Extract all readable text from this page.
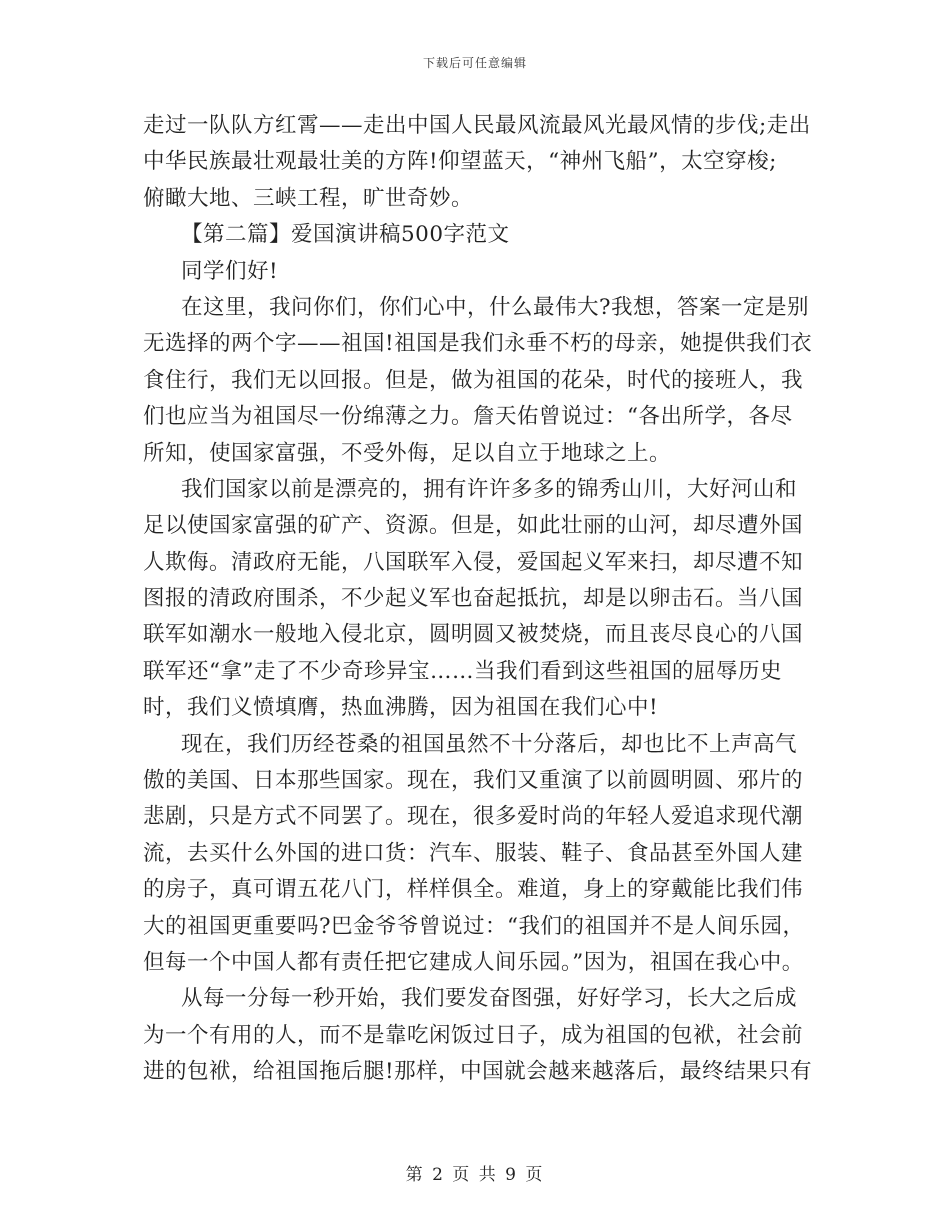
下载后可任意编辑
走过一队队方红霄——走出中国人民最风流最风光最风情的步伐;走出
中华民族最壮观最壮美的方阵!仰望蓝天，“神州飞船”，太空穿梭;
俯瞰大地、三峡工程，旷世奇妙。
【第二篇】爱国演讲稿500字范文
同学们好!
在这里，我问你们，你们心中，什么最伟大?我想，答案一定是别
无选择的两个字——祖国!祖国是我们永垂不朽的母亲，她提供我们衣
食住行，我们无以回报。但是，做为祖国的花朵，时代的接班人，我
们也应当为祖国尽一份绵薄之力。詹天佑曾说过：“各出所学，各尽
所知，使国家富强，不受外侮，足以自立于地球之上。
我们国家以前是漂亮的，拥有许许多多的锦秀山川，大好河山和
足以使国家富强的矿产、资源。但是，如此壮丽的山河，却尽遭外国
人欺侮。清政府无能，八国联军入侵，爱国起义军来扫，却尽遭不知
图报的清政府围杀，不少起义军也奋起抵抗，却是以卵击石。当八国
联军如潮水一般地入侵北京，圆明圆又被焚烧，而且丧尽良心的八国
联军还“拿”走了不少奇珍异宝……当我们看到这些祖国的屈辱历史
时，我们义愤填膺，热血沸腾，因为祖国在我们心中!
现在，我们历经苍桑的祖国虽然不十分落后，却也比不上声高气
傲的美国、日本那些国家。现在，我们又重演了以前圆明圆、邪片的
悲剧，只是方式不同罢了。现在，很多爱时尚的年轻人爱追求现代潮
流，去买什么外国的进口货：汽车、服装、鞋子、食品甚至外国人建
的房子，真可谓五花八门，样样俱全。难道，身上的穿戴能比我们伟
大的祖国更重要吗?巴金爷爷曾说过：“我们的祖国并不是人间乐园，
但每一个中国人都有责任把它建成人间乐园。”因为，祖国在我心中。
从每一分每一秒开始，我们要发奋图强，好好学习，长大之后成
为一个有用的人，而不是靠吃闲饭过日子，成为祖国的包袱，社会前
进的包袱，给祖国拖后腿!那样，中国就会越来越落后，最终结果只有
第 2 页 共 9 页
